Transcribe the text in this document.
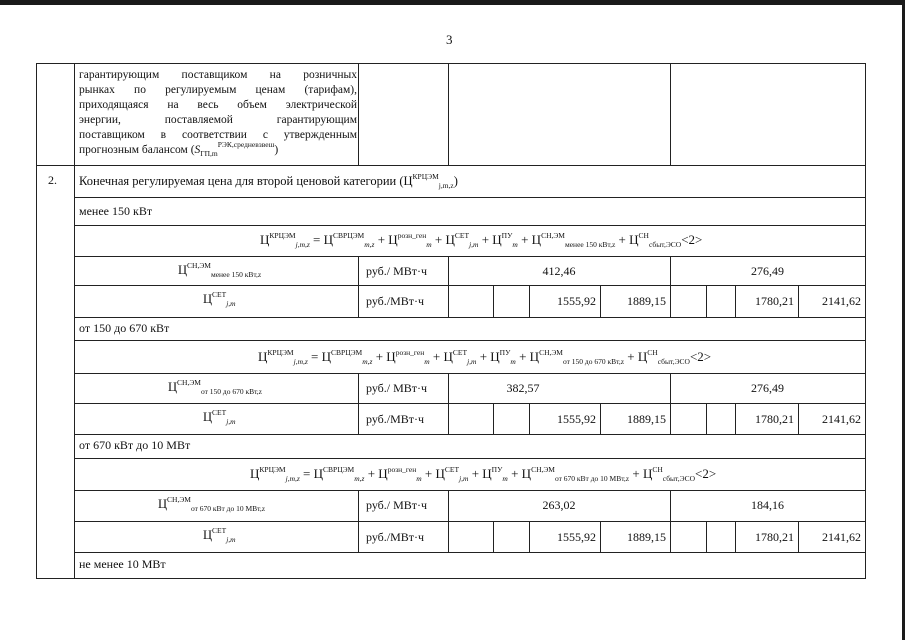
3
гарантирующим поставщиком на розничных
рынках по регулируемым ценам (тарифам),
приходящаяся на весь объем электрической
энергии, поставляемой гарантирующим
поставщиком в соответствии с утвержденным
прогнозным балансом $(S_{ГП,m}^{РЭК,средневзвеш})$
2. Конечная регулируемая цена для второй ценовой категории $(Ц^{КРЦЭМ}_{j,m,z})$
менее 150 кВт
$Ц^{КРЦЭМ}_{j,m,z} = Ц^{СВРЦЭМ}_{m,z} + Ц^{розн\_ген}_m + Ц^{СЕТ}_{j,m} + Ц^{ПУ}_m + Ц^{СН,ЭМ}_{менее 150 кВт,z} + Ц^{СН}_{сбыт,ЭСО}<2>$
$Ц^{СН,ЭМ}_{менее 150 кВт,z}$	руб./ МВт·ч	412,46	276,49
$Ц^{СЕТ}_{j,m}$	руб./МВт·ч	1555,92	1889,15	1780,21	2141,62
от 150 до 670 кВт
$Ц^{КРЦЭМ}_{j,m,z} = Ц^{СВРЦЭМ}_{m,z} + Ц^{розн\_ген}_m + Ц^{СЕТ}_{j,m} + Ц^{ПУ}_m + Ц^{СН,ЭМ}_{от 150 до 670 кВт,z} + Ц^{СН}_{сбыт,ЭСО}<2>$
$Ц^{СН,ЭМ}_{от 150 до 670 кВт,z}$	руб./ МВт·ч	382,57	276,49
$Ц^{СЕТ}_{j,m}$	руб./МВт·ч	1555,92	1889,15	1780,21	2141,62
от 670 кВт до 10 МВт
$Ц^{КРЦЭМ}_{j,m,z} = Ц^{СВРЦЭМ}_{m,z} + Ц^{розн\_ген}_m + Ц^{СЕТ}_{j,m} + Ц^{ПУ}_m + Ц^{СН,ЭМ}_{от 670 кВт до 10 МВт,z} + Ц^{СН}_{сбыт,ЭСО}<2>$
$Ц^{СН,ЭМ}_{от 670 кВт до 10 МВт,z}$	руб./ МВт·ч	263,02	184,16
$Ц^{СЕТ}_{j,m}$	руб./МВт·ч	1555,92	1889,15	1780,21	2141,62
не менее 10 МВт
